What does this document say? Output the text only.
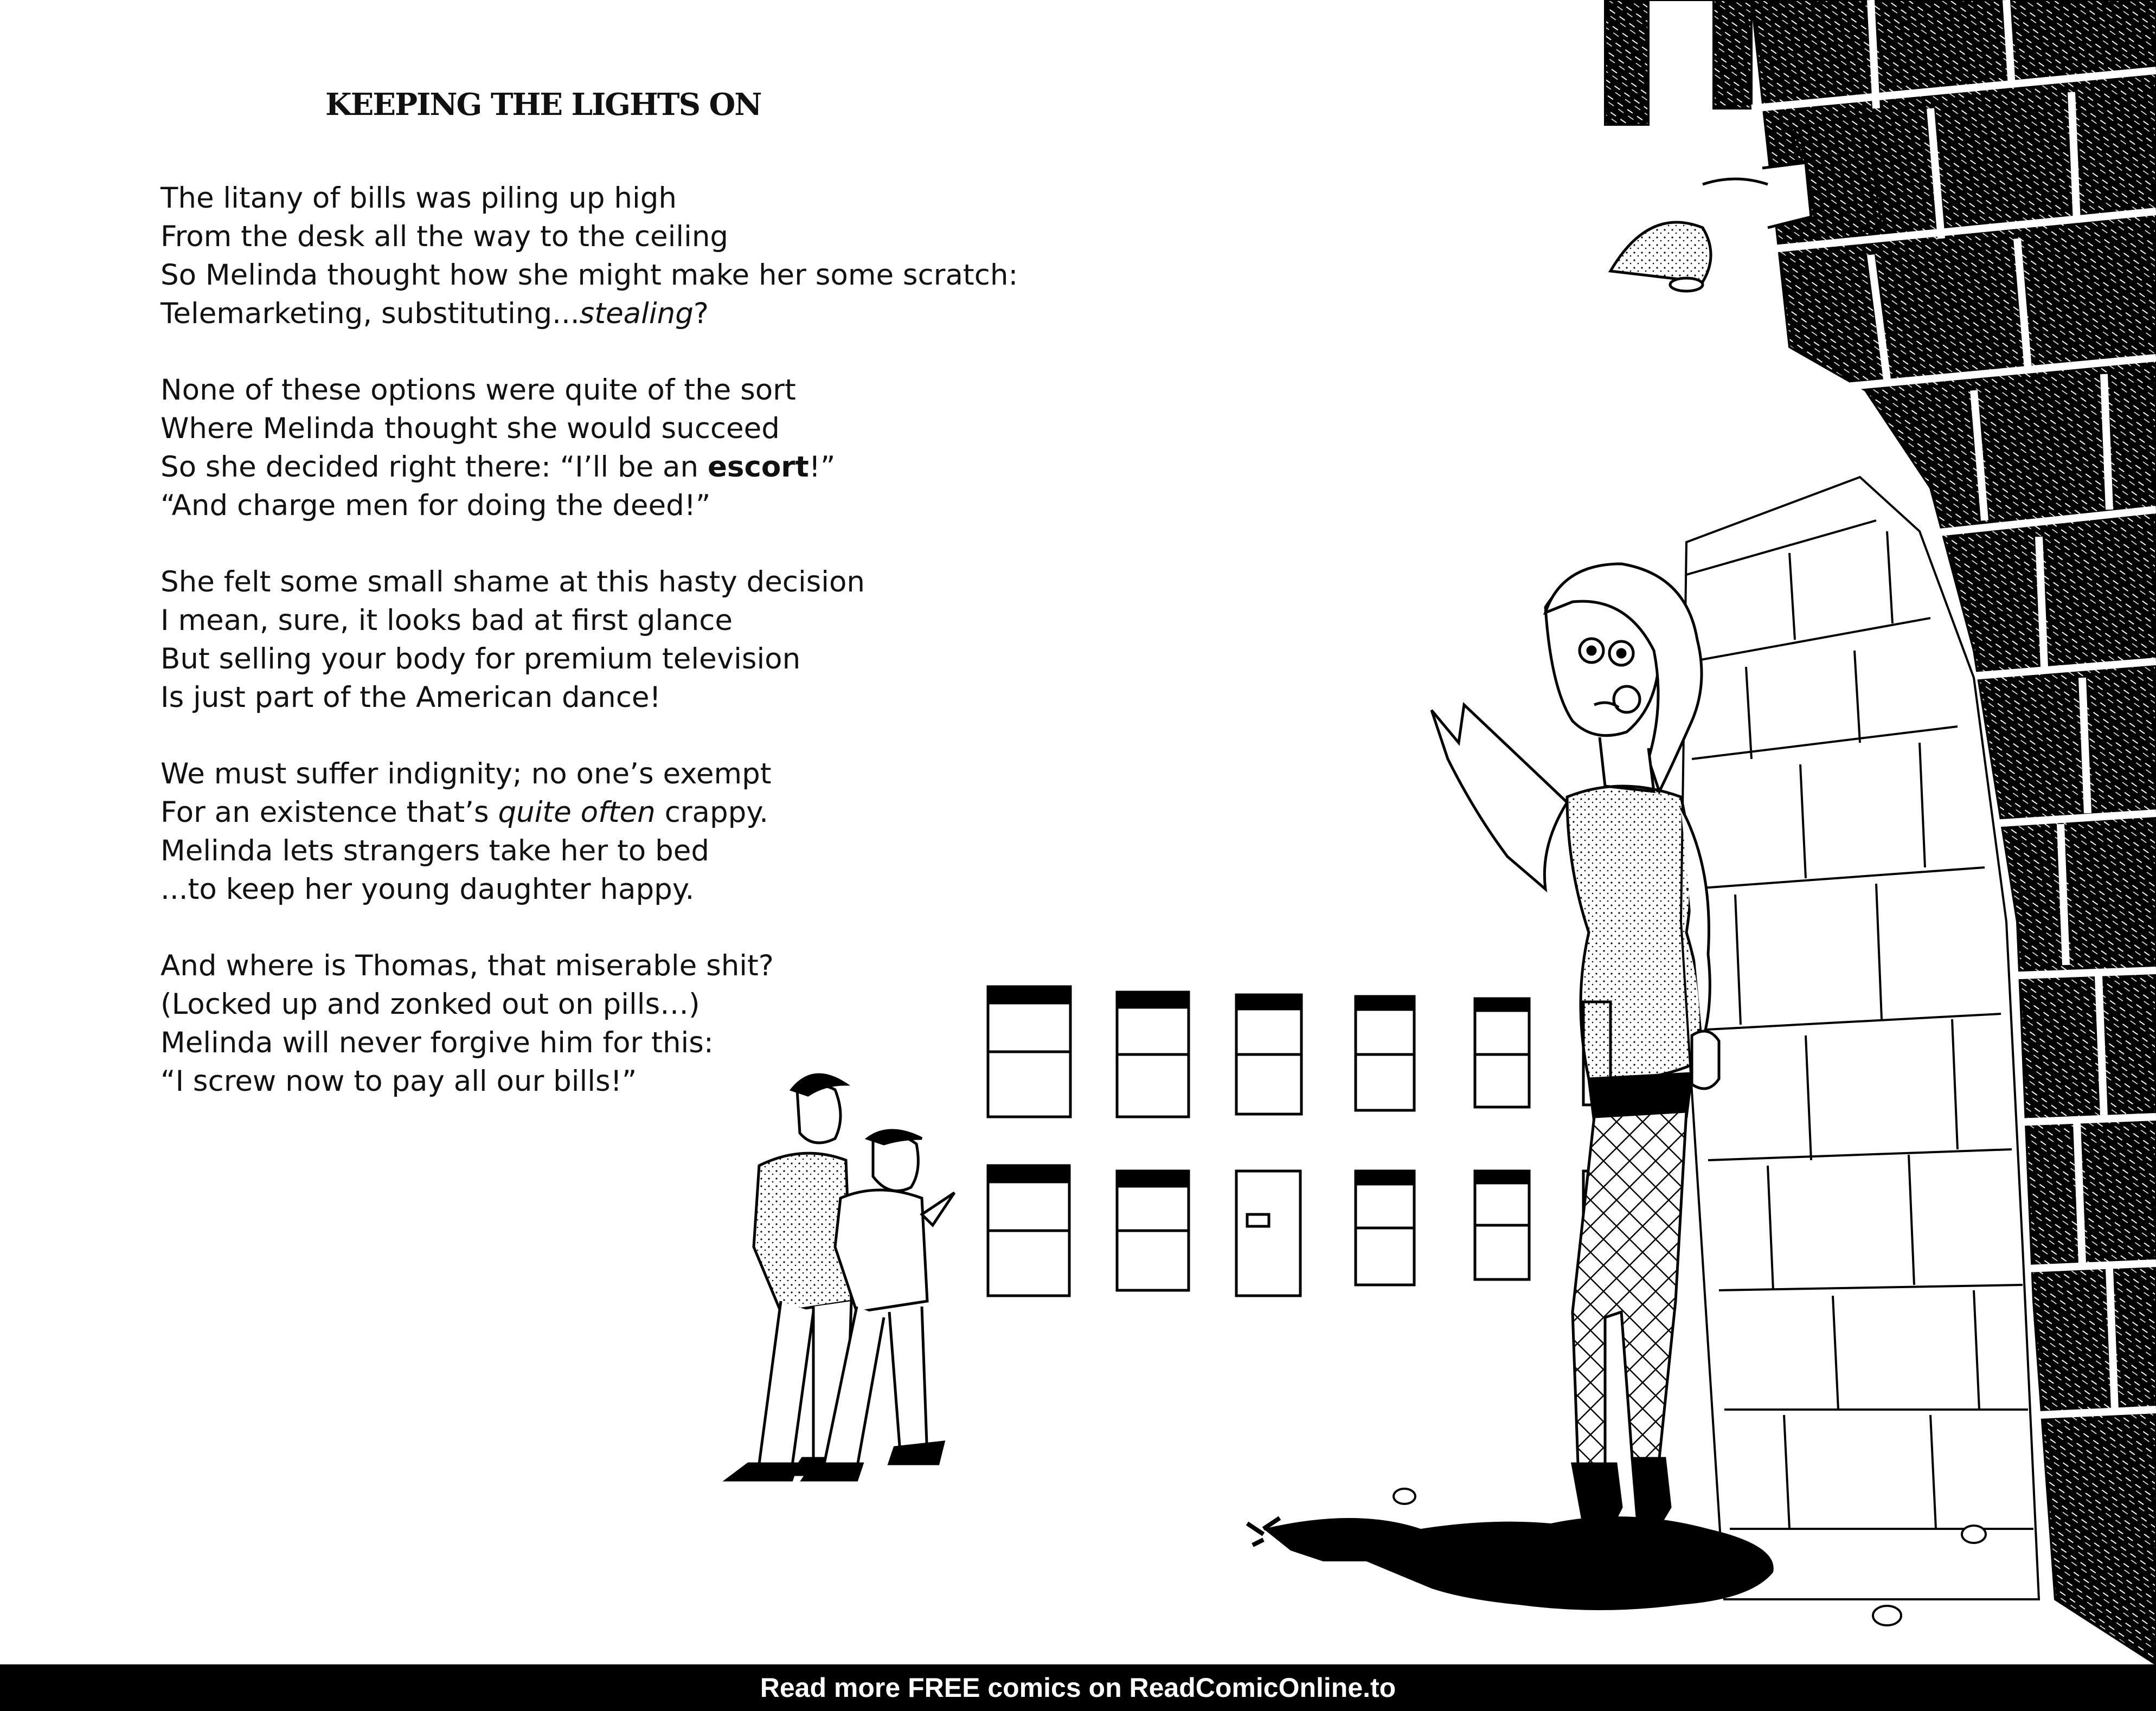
KEEPING THE LIGHTS ON
The litany of bills was piling up high
From the desk all the way to the ceiling
So Melinda thought how she might make her some scratch:
Telemarketing, substituting...stealing?
None of these options were quite of the sort
Where Melinda thought she would succeed
So she decided right there: “I’ll be an escort!”
“And charge men for doing the deed!”
She felt some small shame at this hasty decision
I mean, sure, it looks bad at first glance
But selling your body for premium television
Is just part of the American dance!
We must suffer indignity; no one’s exempt
For an existence that’s quite often crappy.
Melinda lets strangers take her to bed
...to keep her young daughter happy.
And where is Thomas, that miserable shit?
(Locked up and zonked out on pills…)
Melinda will never forgive him for this:
“I screw now to pay all our bills!”
Read more FREE comics on ReadComicOnline.to
